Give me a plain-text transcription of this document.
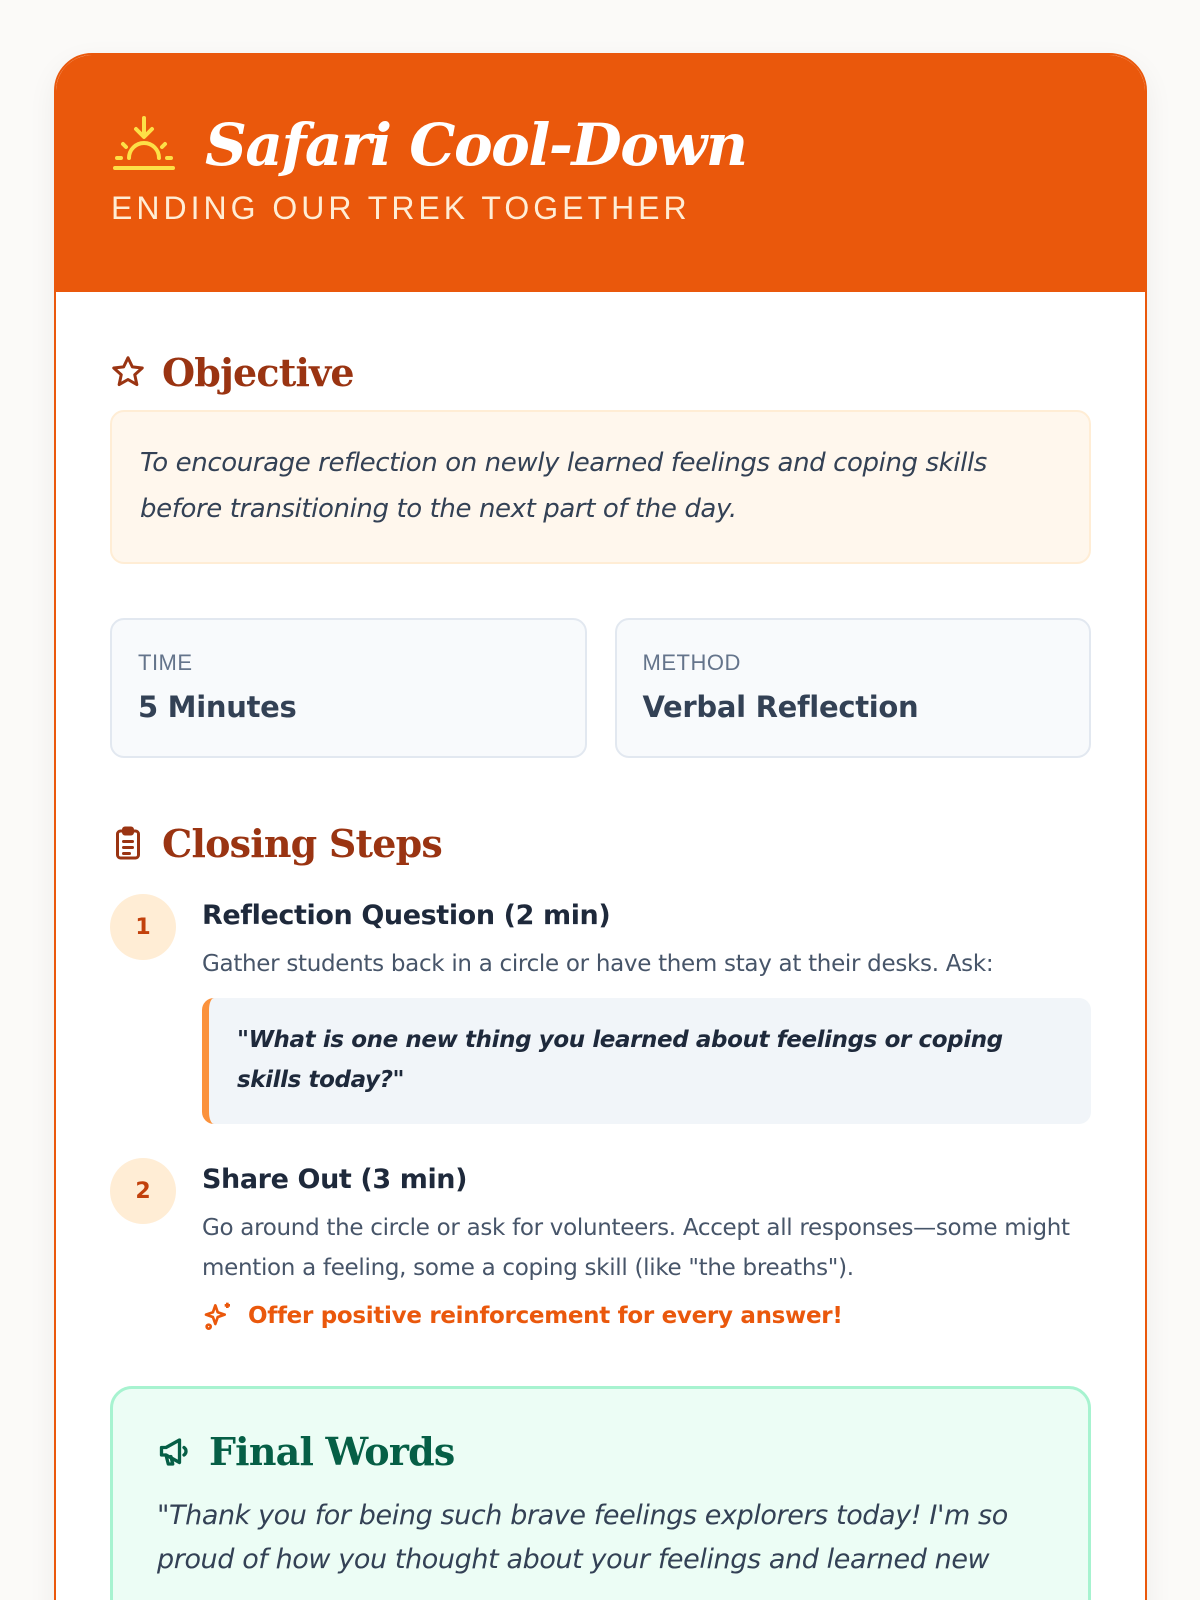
Safari Cool-Down
ENDING OUR TREK TOGETHER
Objective
To encourage reflection on newly learned feelings and coping skills before transitioning to the next part of the day.
TIME
5 Minutes
METHOD
Verbal Reflection
Closing Steps
1	Reflection Question (2 min)
Gather students back in a circle or have them stay at their desks. Ask:
"What is one new thing you learned about feelings or coping skills today?"
2	Share Out (3 min)
Go around the circle or ask for volunteers. Accept all responses—some might mention a feeling, some a coping skill (like "the breaths").
Offer positive reinforcement for every answer!
Final Words
"Thank you for being such brave feelings explorers today! I'm so proud of how you thought about your feelings and learned new
